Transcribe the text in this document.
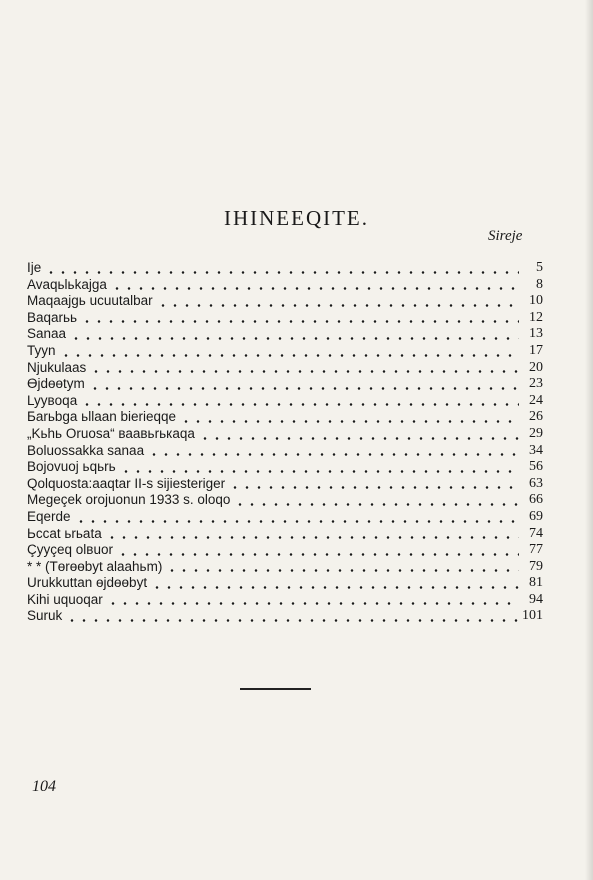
IHINEEQITE.
Sireje
Ije	5
Avaqьlьkajga	8
Maqaajgь ucuutalbar	10
Baqarьь	12
Sanaa	13
Tyyn	17
Njukulaas	20
Өjdөөtym	23
Lyyвoqa	24
Бarьbga ьllaan bierieqqe	26
„Kьhь Oruosa“ ваавьrькаqa	29
Boluossakka sanaa	34
Bojovuoj ьqьrь	56
Qolquosta:aaqtar II-s sijiesteriger	63
Megeçek orojuonun 1933 s. oloqo	66
Eqerde	69
Ьccat ьrьata	74
Çyyçeq olвuor	77
* * (Tөrөөbyt alaahьm)	79
Urukkuttan өjdөөbyt	81
Kihi uquoqar	94
Suruk	101
104
